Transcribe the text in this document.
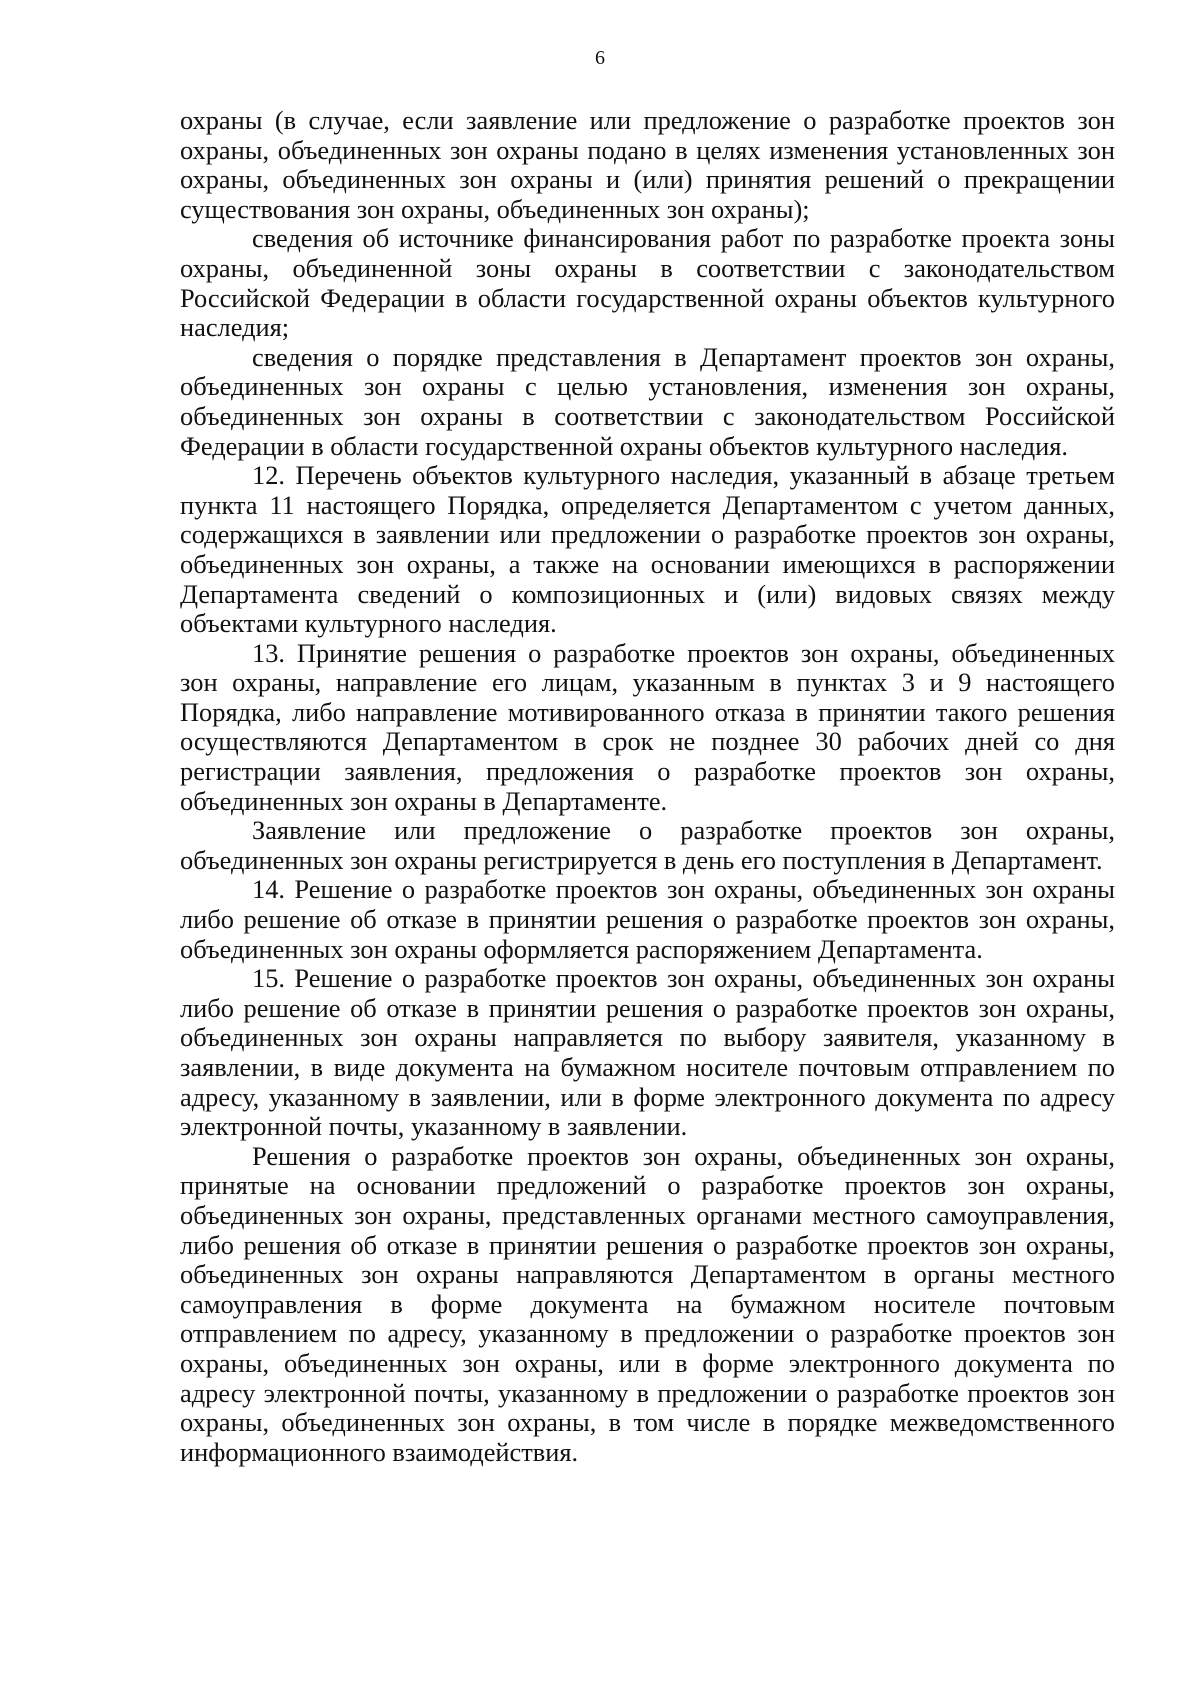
6

охраны (в случае, если заявление или предложение о разработке проектов зон охраны, объединенных зон охраны подано в целях изменения установленных зон охраны, объединенных зон охраны и (или) принятия решений о прекращении существования зон охраны, объединенных зон охраны);

сведения об источнике финансирования работ по разработке проекта зоны охраны, объединенной зоны охраны в соответствии с законодательством Российской Федерации в области государственной охраны объектов культурного наследия;

сведения о порядке представления в Департамент проектов зон охраны, объединенных зон охраны с целью установления, изменения зон охраны, объединенных зон охраны в соответствии с законодательством Российской Федерации в области государственной охраны объектов культурного наследия.

12. Перечень объектов культурного наследия, указанный в абзаце третьем пункта 11 настоящего Порядка, определяется Департаментом с учетом данных, содержащихся в заявлении или предложении о разработке проектов зон охраны, объединенных зон охраны, а также на основании имеющихся в распоряжении Департамента сведений о композиционных и (или) видовых связях между объектами культурного наследия.

13. Принятие решения о разработке проектов зон охраны, объединенных зон охраны, направление его лицам, указанным в пунктах 3 и 9 настоящего Порядка, либо направление мотивированного отказа в принятии такого решения осуществляются Департаментом в срок не позднее 30 рабочих дней со дня регистрации заявления, предложения о разработке проектов зон охраны, объединенных зон охраны в Департаменте.

Заявление или предложение о разработке проектов зон охраны, объединенных зон охраны регистрируется в день его поступления в Департамент.

14. Решение о разработке проектов зон охраны, объединенных зон охраны либо решение об отказе в принятии решения о разработке проектов зон охраны, объединенных зон охраны оформляется распоряжением Департамента.

15. Решение о разработке проектов зон охраны, объединенных зон охраны либо решение об отказе в принятии решения о разработке проектов зон охраны, объединенных зон охраны направляется по выбору заявителя, указанному в заявлении, в виде документа на бумажном носителе почтовым отправлением по адресу, указанному в заявлении, или в форме электронного документа по адресу электронной почты, указанному в заявлении.

Решения о разработке проектов зон охраны, объединенных зон охраны, принятые на основании предложений о разработке проектов зон охраны, объединенных зон охраны, представленных органами местного самоуправления, либо решения об отказе в принятии решения о разработке проектов зон охраны, объединенных зон охраны направляются Департаментом в органы местного самоуправления в форме документа на бумажном носителе почтовым отправлением по адресу, указанному в предложении о разработке проектов зон охраны, объединенных зон охраны, или в форме электронного документа по адресу электронной почты, указанному в предложении о разработке проектов зон охраны, объединенных зон охраны, в том числе в порядке межведомственного информационного взаимодействия.
